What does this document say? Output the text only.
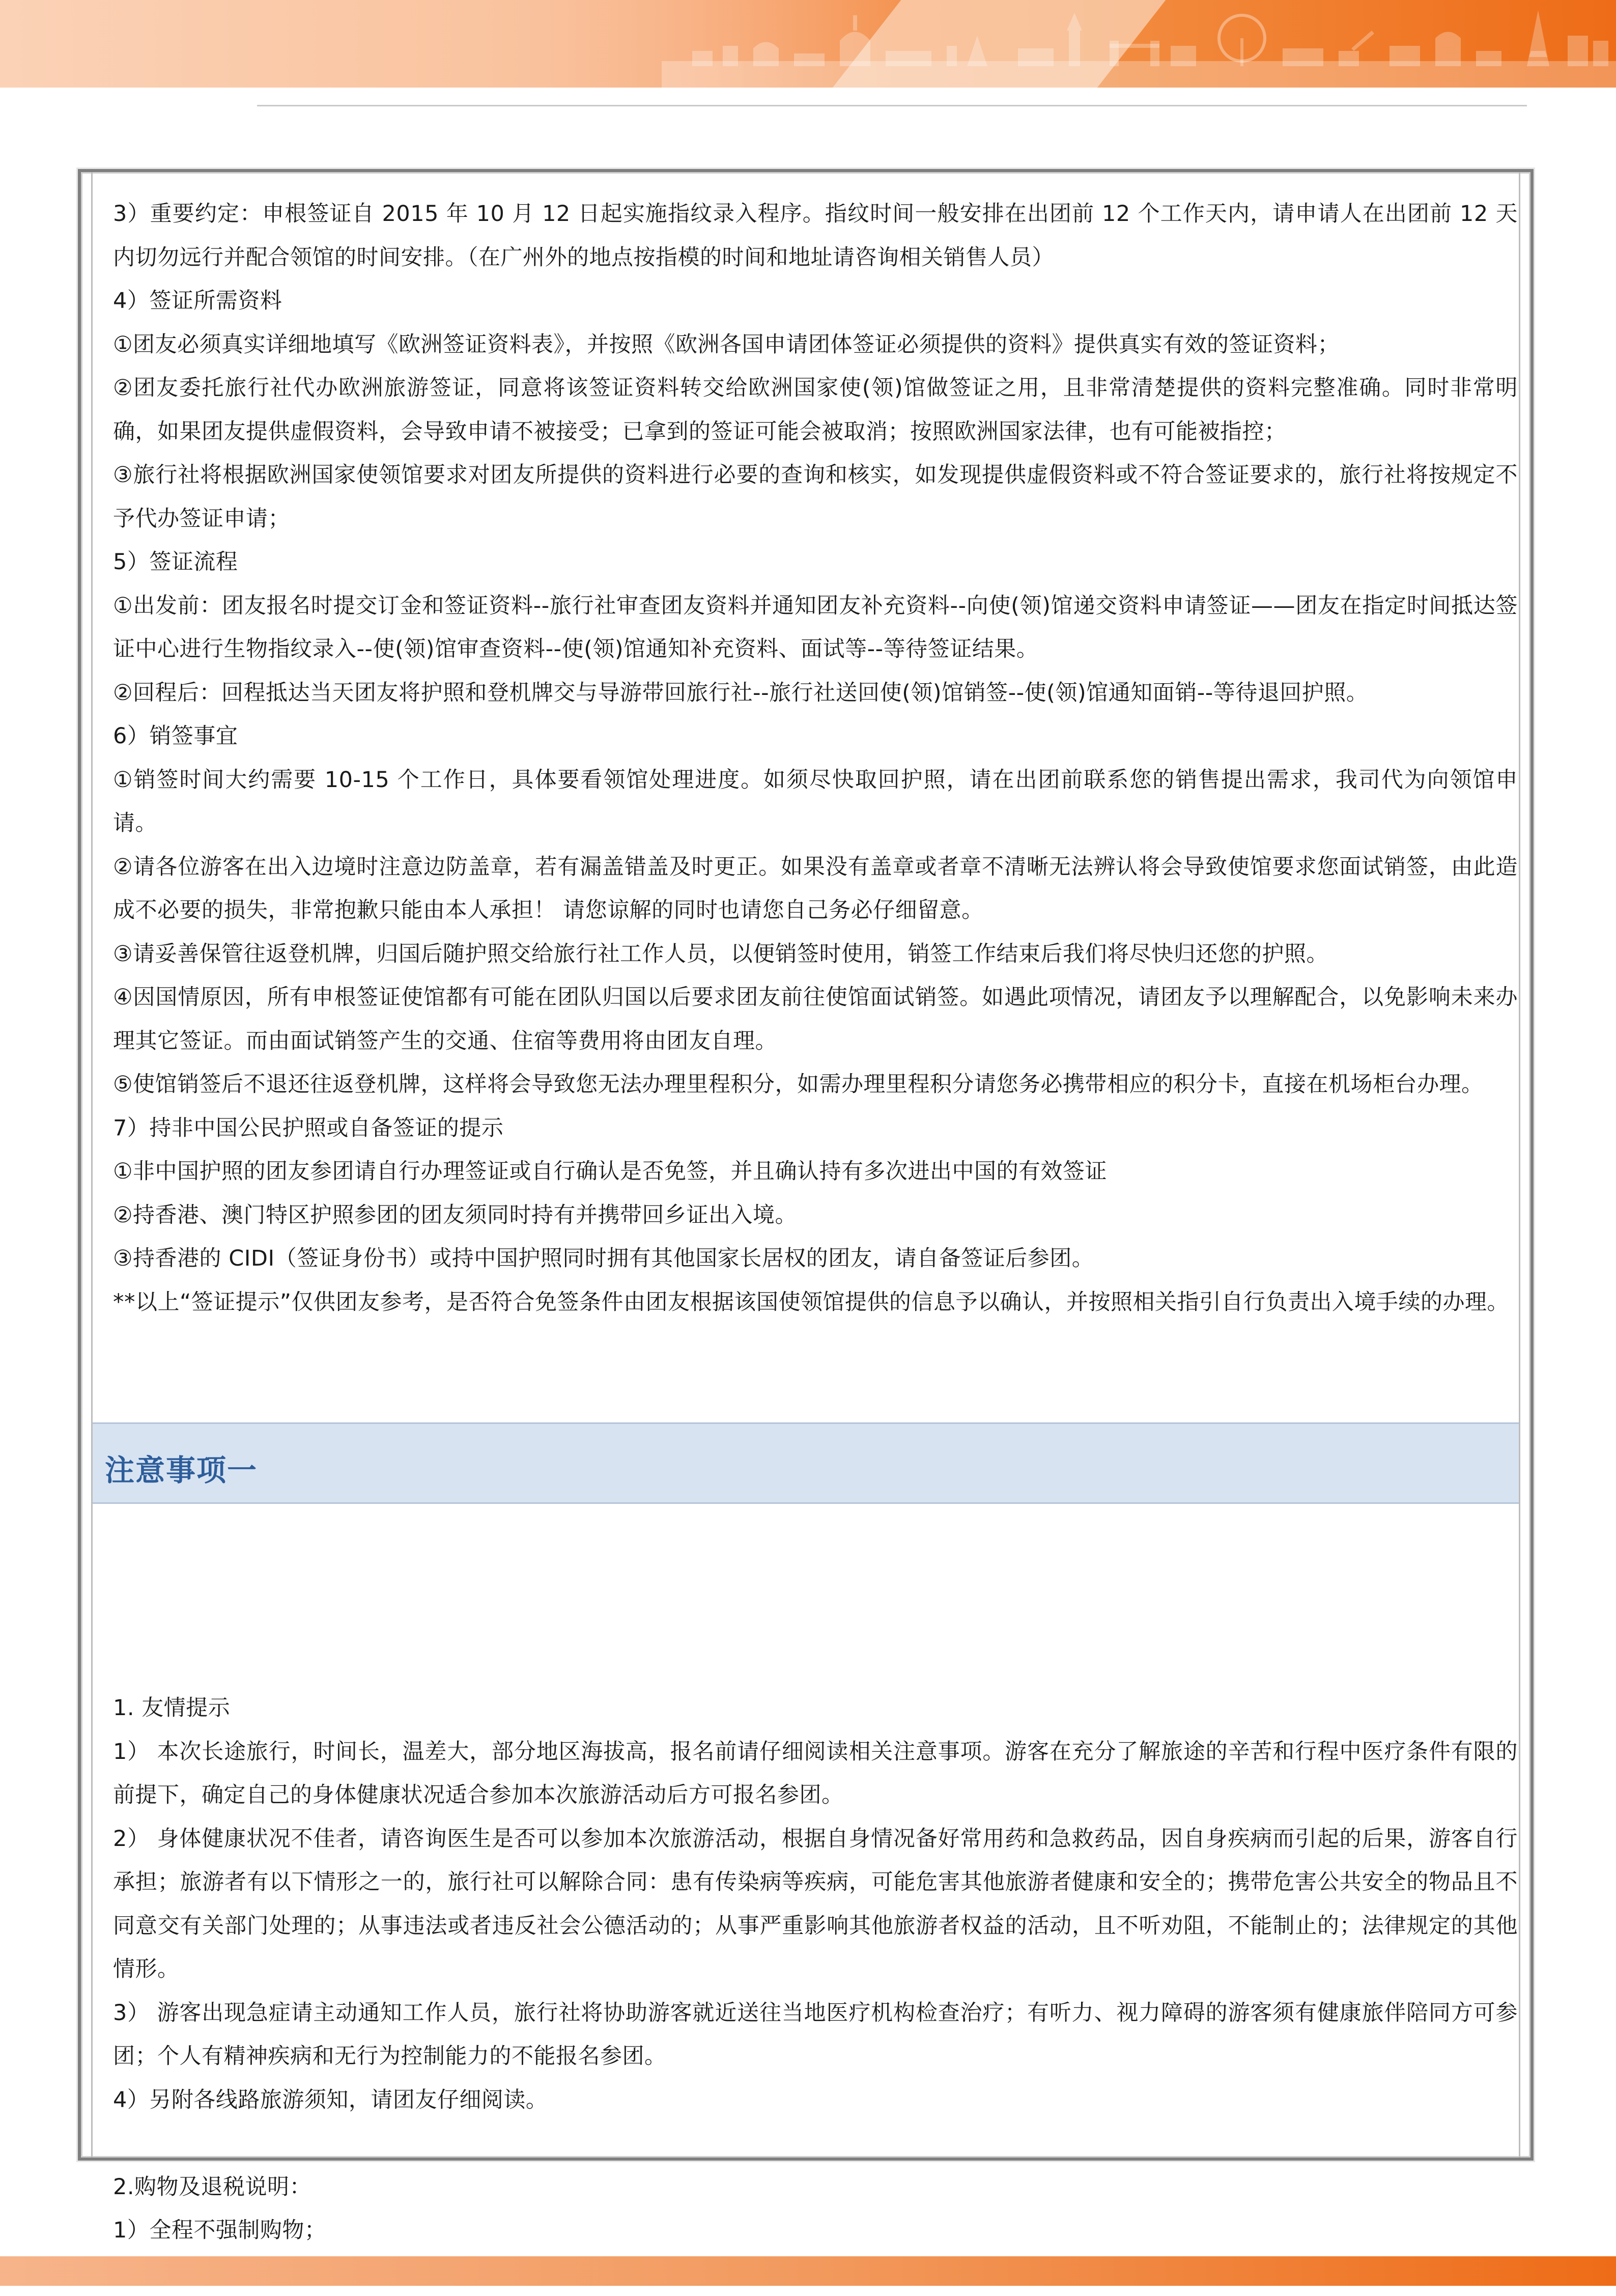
3）重要约定：申根签证自 2015 年 10 月 12 日起实施指纹录入程序。指纹时间一般安排在出团前 12 个工作天内，请申请人在出团前 12 天内切勿远行并配合领馆的时间安排。（在广州外的地点按指模的时间和地址请咨询相关销售人员）

4）签证所需资料

①团友必须真实详细地填写《欧洲签证资料表》，并按照《欧洲各国申请团体签证必须提供的资料》提供真实有效的签证资料；

②团友委托旅行社代办欧洲旅游签证，同意将该签证资料转交给欧洲国家使(领)馆做签证之用，且非常清楚提供的资料完整准确。同时非常明确，如果团友提供虚假资料，会导致申请不被接受；已拿到的签证可能会被取消；按照欧洲国家法律，也有可能被指控；

③旅行社将根据欧洲国家使领馆要求对团友所提供的资料进行必要的查询和核实，如发现提供虚假资料或不符合签证要求的，旅行社将按规定不予代办签证申请；

5）签证流程

①出发前：团友报名时提交订金和签证资料--旅行社审查团友资料并通知团友补充资料--向使(领)馆递交资料申请签证——团友在指定时间抵达签证中心进行生物指纹录入--使(领)馆审查资料--使(领)馆通知补充资料、面试等--等待签证结果。

②回程后：回程抵达当天团友将护照和登机牌交与导游带回旅行社--旅行社送回使(领)馆销签--使(领)馆通知面销--等待退回护照。

6）销签事宜

①销签时间大约需要 10-15 个工作日，具体要看领馆处理进度。如须尽快取回护照，请在出团前联系您的销售提出需求，我司代为向领馆申请。

②请各位游客在出入边境时注意边防盖章，若有漏盖错盖及时更正。如果没有盖章或者章不清晰无法辨认将会导致使馆要求您面试销签，由此造成不必要的损失，非常抱歉只能由本人承担！ 请您谅解的同时也请您自己务必仔细留意。

③请妥善保管往返登机牌，归国后随护照交给旅行社工作人员，以便销签时使用，销签工作结束后我们将尽快归还您的护照。

④因国情原因，所有申根签证使馆都有可能在团队归国以后要求团友前往使馆面试销签。如遇此项情况，请团友予以理解配合，以免影响未来办理其它签证。而由面试销签产生的交通、住宿等费用将由团友自理。

⑤使馆销签后不退还往返登机牌，这样将会导致您无法办理里程积分，如需办理里程积分请您务必携带相应的积分卡，直接在机场柜台办理。

7）持非中国公民护照或自备签证的提示

①非中国护照的团友参团请自行办理签证或自行确认是否免签，并且确认持有多次进出中国的有效签证

②持香港、澳门特区护照参团的团友须同时持有并携带回乡证出入境。

③持香港的 CIDI（签证身份书）或持中国护照同时拥有其他国家长居权的团友，请自备签证后参团。

**以上“签证提示”仅供团友参考，是否符合免签条件由团友根据该国使领馆提供的信息予以确认，并按照相关指引自行负责出入境手续的办理。

注意事项一

1. 友情提示

1） 本次长途旅行，时间长，温差大，部分地区海拔高，报名前请仔细阅读相关注意事项。游客在充分了解旅途的辛苦和行程中医疗条件有限的前提下，确定自己的身体健康状况适合参加本次旅游活动后方可报名参团。

2） 身体健康状况不佳者，请咨询医生是否可以参加本次旅游活动，根据自身情况备好常用药和急救药品，因自身疾病而引起的后果，游客自行承担；旅游者有以下情形之一的，旅行社可以解除合同：患有传染病等疾病，可能危害其他旅游者健康和安全的；携带危害公共安全的物品且不同意交有关部门处理的；从事违法或者违反社会公德活动的；从事严重影响其他旅游者权益的活动，且不听劝阻，不能制止的；法律规定的其他情形。

3） 游客出现急症请主动通知工作人员，旅行社将协助游客就近送往当地医疗机构检查治疗；有听力、视力障碍的游客须有健康旅伴陪同方可参团；个人有精神疾病和无行为控制能力的不能报名参团。

4）另附各线路旅游须知，请团友仔细阅读。

2.购物及退税说明：

1）全程不强制购物；
